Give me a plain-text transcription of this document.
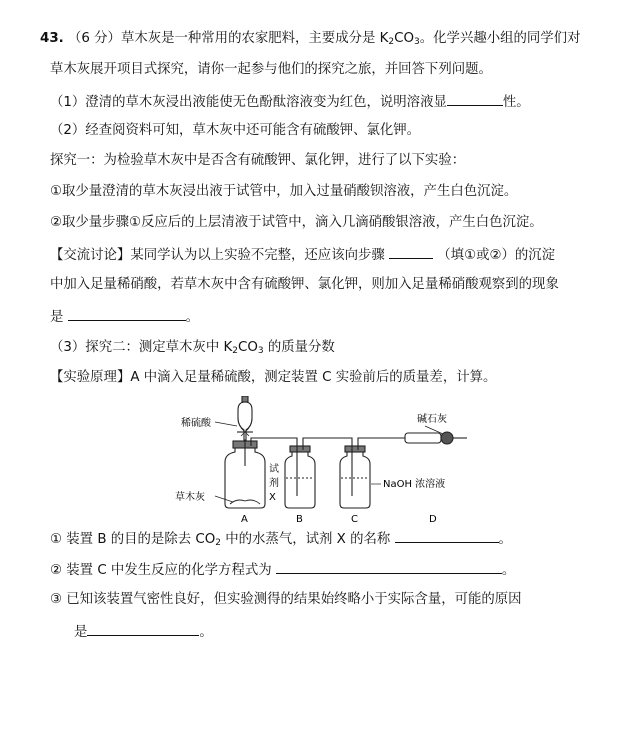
43. （6 分）草木灰是一种常用的农家肥料，主要成分是 $K_2CO_3$。化学兴趣小组的同学们对
草木灰展开项目式探究，请你一起参与他们的探究之旅，并回答下列问题。
（1）澄清的草木灰浸出液能使无色酚酞溶液变为红色，说明溶液显	性。
（2）经查阅资料可知，草木灰中还可能含有硫酸钾、氯化钾。
探究一：为检验草木灰中是否含有硫酸钾、氯化钾，进行了以下实验：
①取少量澄清的草木灰浸出液于试管中，加入过量硝酸钡溶液，产生白色沉淀。
②取少量步骤①反应后的上层清液于试管中，滴入几滴硝酸银溶液，产生白色沉淀。
【交流讨论】某同学认为以上实验不完整，还应该向步骤	（填①或②）的沉淀
中加入足量稀硝酸，若草木灰中含有硫酸钾、氯化钾，则加入足量稀硝酸观察到的现象
是	。
（3）探究二：测定草木灰中 $K_2CO_3$ 的质量分数
【实验原理】A 中滴入足量稀硫酸，测定装置 C 实验前后的质量差，计算。
稀硫酸
草木灰
试
剂
X
NaOH 浓溶液
碱石灰
A	B	C	D
① 装置 B 的目的是除去 $CO_2$ 中的水蒸气，试剂 X 的名称	。
② 装置 C 中发生反应的化学方程式为	。
③ 已知该装置气密性良好，但实验测得的结果始终略小于实际含量，可能的原因
是	。
